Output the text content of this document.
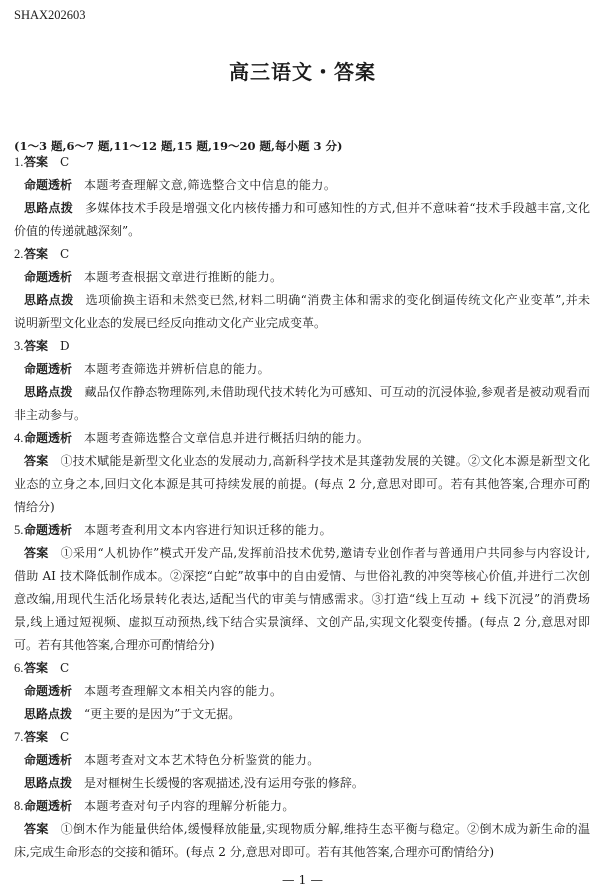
SHAX202603
高三语文・答案
(1～3 题,6～7 题,11～12 题,15 题,19～20 题,每小题 3 分)
1.答案 C
命题透析 本题考查理解文意,筛选整合文中信息的能力。
思路点拨 多媒体技术手段是增强文化内核传播力和可感知性的方式,但并不意味着“技术手段越丰富,文化
价值的传递就越深刻”。
2.答案 C
命题透析 本题考查根据文章进行推断的能力。
思路点拨 选项偷换主语和未然变已然,材料二明确“消费主体和需求的变化倒逼传统文化产业变革”,并未
说明新型文化业态的发展已经反向推动文化产业完成变革。
3.答案 D
命题透析 本题考查筛选并辨析信息的能力。
思路点拨 藏品仅作静态物理陈列,未借助现代技术转化为可感知、可互动的沉浸体验,参观者是被动观看而
非主动参与。
4.命题透析 本题考查筛选整合文章信息并进行概括归纳的能力。
答案 ①技术赋能是新型文化业态的发展动力,高新科学技术是其蓬勃发展的关键。②文化本源是新型文化
业态的立身之本,回归文化本源是其可持续发展的前提。(每点 2 分,意思对即可。若有其他答案,合理亦可酌
情给分)
5.命题透析 本题考查利用文本内容进行知识迁移的能力。
答案 ①采用“人机协作”模式开发产品,发挥前沿技术优势,邀请专业创作者与普通用户共同参与内容设计,
借助 AI 技术降低制作成本。②深挖“白蛇”故事中的自由爱情、与世俗礼教的冲突等核心价值,并进行二次创
意改编,用现代生活化场景转化表达,适配当代的审美与情感需求。③打造“线上互动 + 线下沉浸”的消费场
景,线上通过短视频、虚拟互动预热,线下结合实景演绎、文创产品,实现文化裂变传播。(每点 2 分,意思对即
可。若有其他答案,合理亦可酌情给分)
6.答案 C
命题透析 本题考查理解文本相关内容的能力。
思路点拨 “更主要的是因为”于文无据。
7.答案 C
命题透析 本题考查对文本艺术特色分析鉴赏的能力。
思路点拨 是对榧树生长缓慢的客观描述,没有运用夸张的修辞。
8.命题透析 本题考查对句子内容的理解分析能力。
答案 ①倒木作为能量供给体,缓慢释放能量,实现物质分解,维持生态平衡与稳定。②倒木成为新生命的温
床,完成生命形态的交接和循环。(每点 2 分,意思对即可。若有其他答案,合理亦可酌情给分)
— 1 —
